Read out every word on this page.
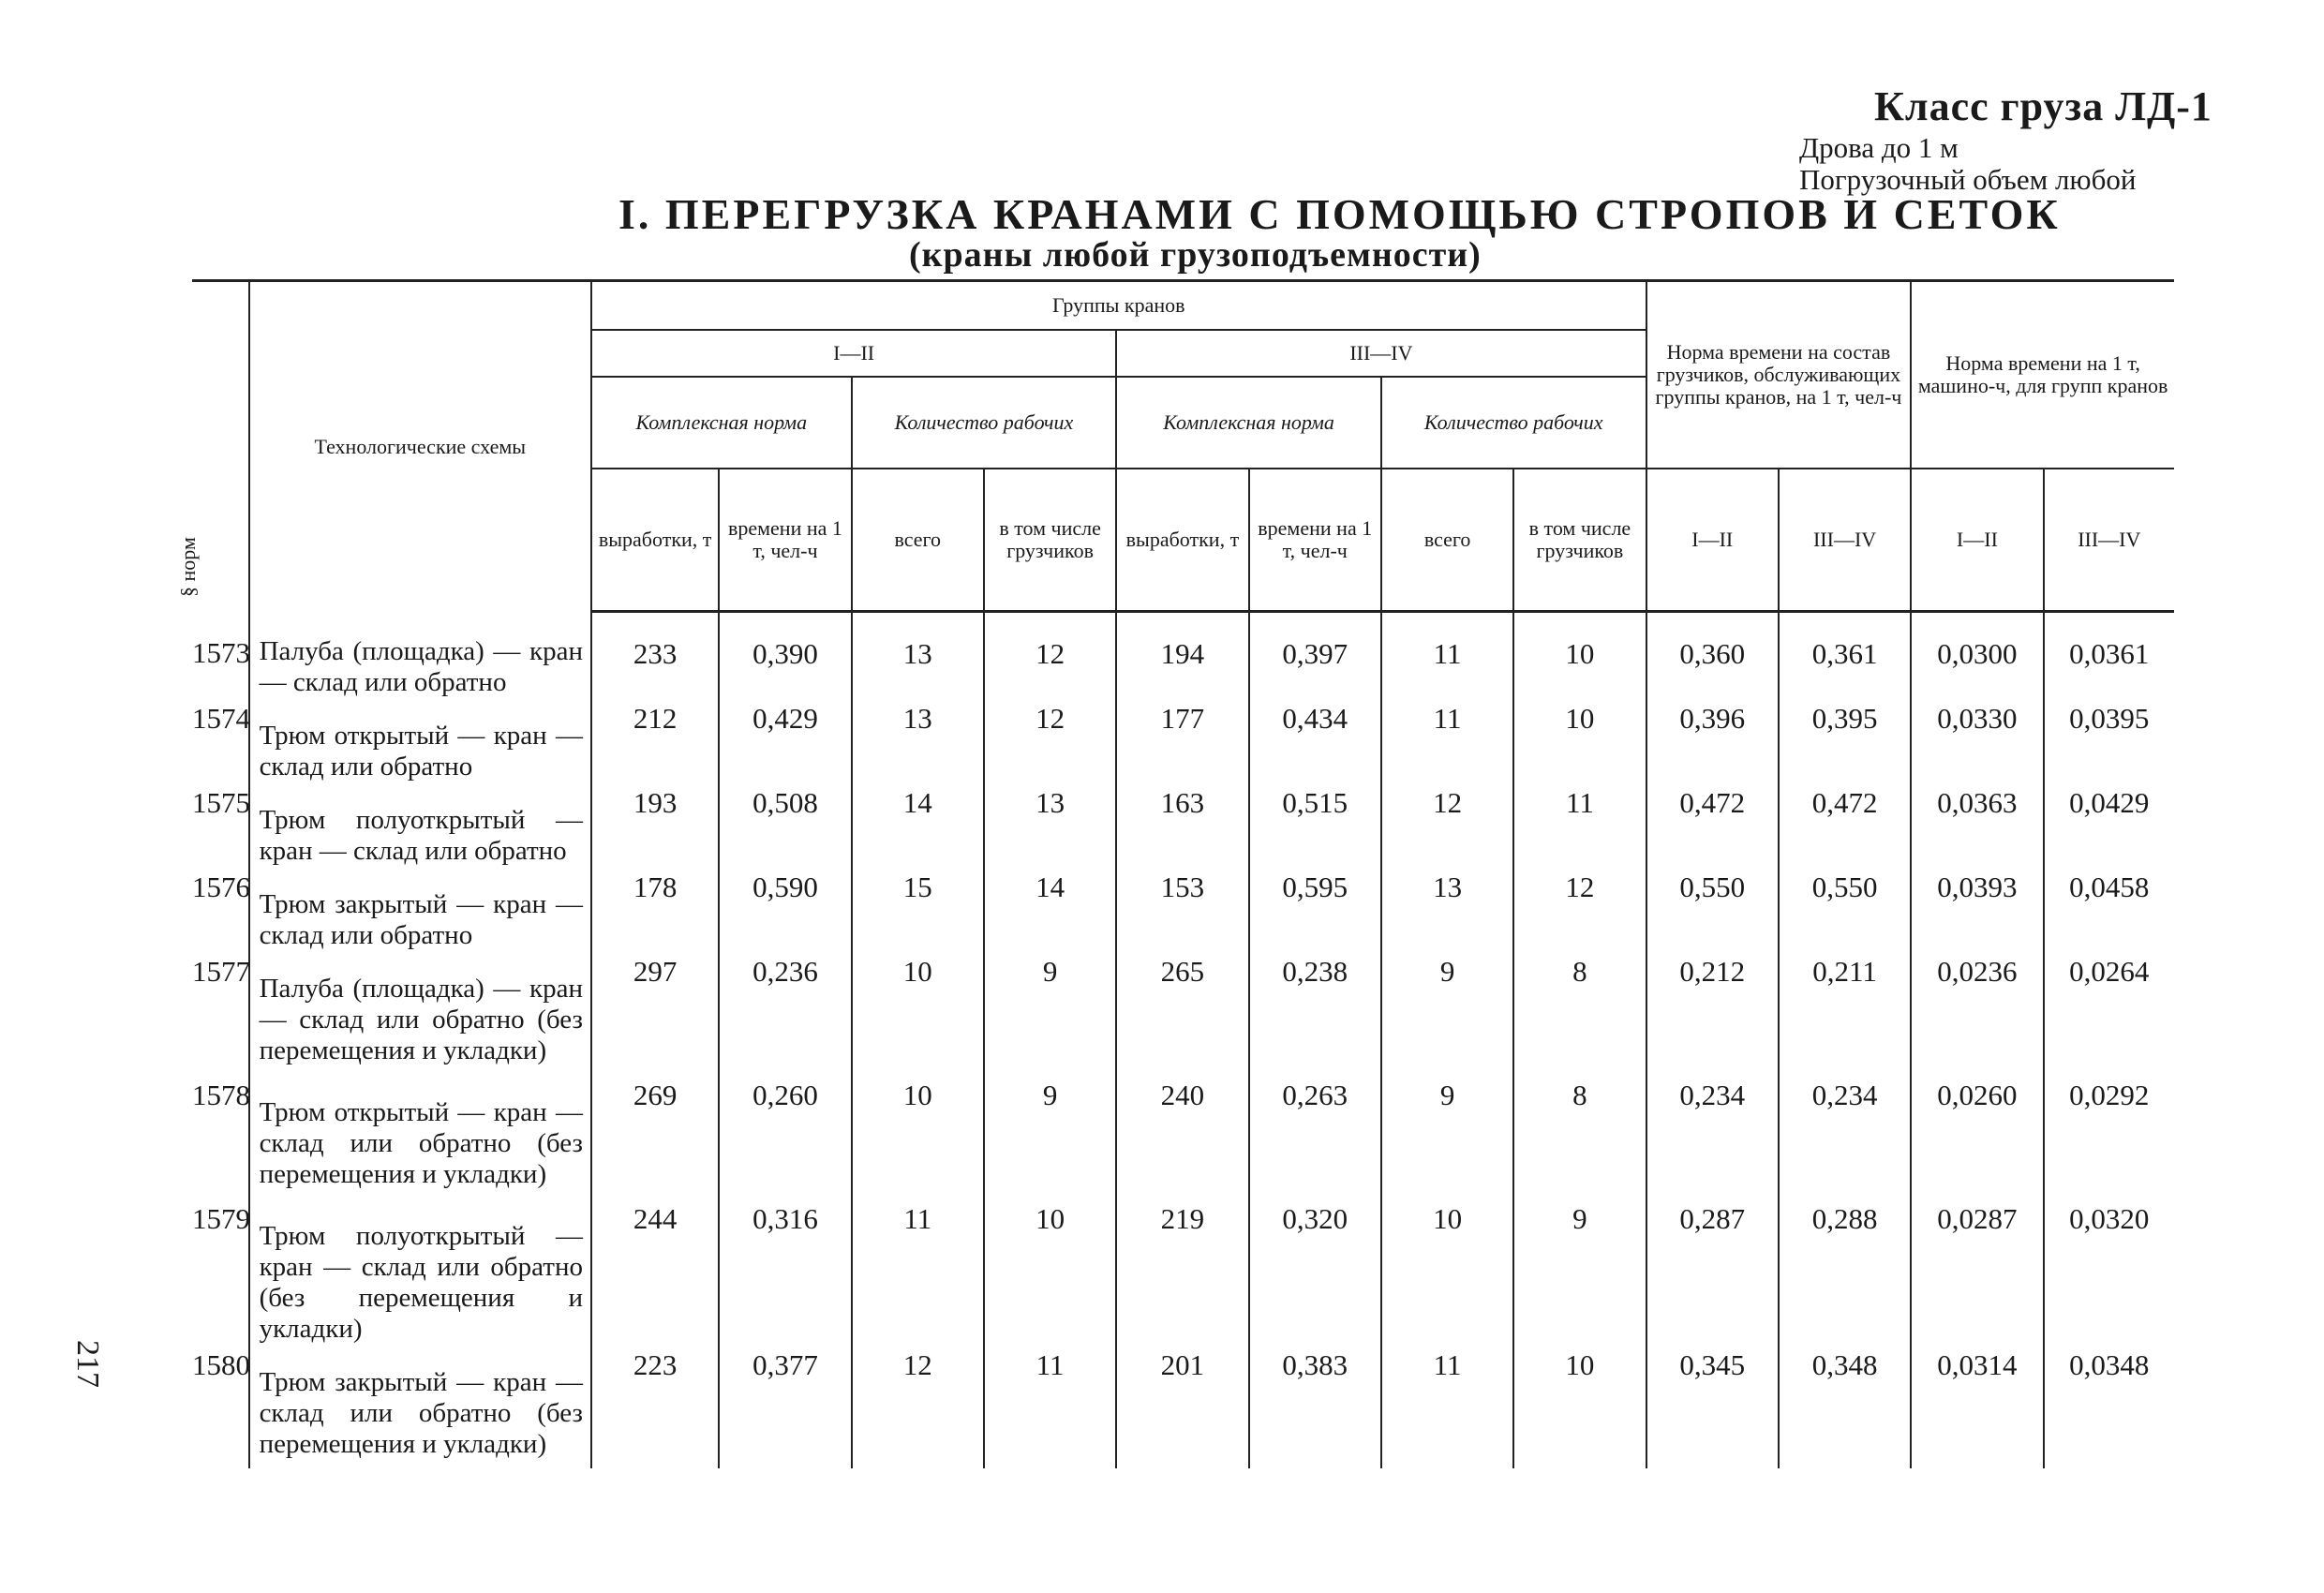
Класс груза ЛД-1
Дрова до 1 м
Погрузочный объем любой
I. ПЕРЕГРУЗКА КРАНАМИ С ПОМОЩЬЮ СТРОПОВ И СЕТОК
(краны любой грузоподъемности)
217
§ норм	Технологические схемы	Группы кранов								Норма времени на состав грузчиков, обслуживающих группы кранов, на 1 т, чел-ч		Норма времени на 1 т, машино-ч, для групп кранов	
		I—II				III—IV							
		Комплексная норма		Количество рабочих		Комплексная норма		Количество рабочих					
		выработки, т	времени на 1 т, чел-ч	всего	в том числе грузчиков	выработки, т	времени на 1 т, чел-ч	всего	в том числе грузчиков	I—II	III—IV	I—II	III—IV
1573	Палуба (площадка) — кран — склад или обратно	233	0,390	13	12	194	0,397	11	10	0,360	0,361	0,0300	0,0361
1574	Трюм открытый — кран — склад или обратно	212	0,429	13	12	177	0,434	11	10	0,396	0,395	0,0330	0,0395
1575	Трюм полуоткрытый — кран — склад или обратно	193	0,508	14	13	163	0,515	12	11	0,472	0,472	0,0363	0,0429
1576	Трюм закрытый — кран — склад или обратно	178	0,590	15	14	153	0,595	13	12	0,550	0,550	0,0393	0,0458
1577	Палуба (площадка) — кран — склад или обратно (без перемещения и укладки)	297	0,236	10	9	265	0,238	9	8	0,212	0,211	0,0236	0,0264
1578	Трюм открытый — кран — склад или обратно (без перемещения и укладки)	269	0,260	10	9	240	0,263	9	8	0,234	0,234	0,0260	0,0292
1579	Трюм полуоткрытый — кран — склад или обратно (без перемещения и укладки)	244	0,316	11	10	219	0,320	10	9	0,287	0,288	0,0287	0,0320
1580	Трюм закрытый — кран — склад или обратно (без перемещения и укладки)	223	0,377	12	11	201	0,383	11	10	0,345	0,348	0,0314	0,0348
